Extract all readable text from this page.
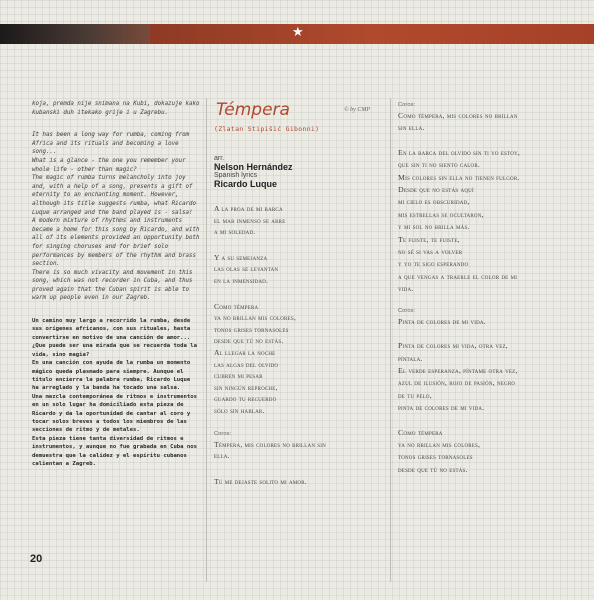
★
kojа, premda nije snimana na Kubi, dokazuje kako kubanski duh itekako grije i u Zagrebu.

It has been a long way for rumba, coming from Africa and its rituals and becoming a love song...

What is a glance - the one you remember your whole life - other than magic?

The magic of rumba turns melancholy into joy and, with a help of a song, presents a gift of eternity to an enchanting moment. However, although its title suggests rumba, what Ricardo Luque arranged and the band played is - salsa!

A modern mixture of rhythms and instruments became a home for this song by Ricardo, and with all of its elements provided an opportunity both for singing choruses and for brief solo performances by members of the rhythm and brass section.

There is so much vivacity and movement in this song, which was not recorder in Cuba, and thus proved again that the Cuban spirit is able to warm up people even in our Zagreb.

Un camino muy largo a recorrido la rumba, desde sus orígenes africanos, con sus rituales, hasta convertirse en motivo de una canción de amor...

¿Que puede ser una mirada que se recuerda toda la vida, sino magia?

En una canción con ayuda de la rumba un momento mágico queda plasmado para siempre. Aunque el título encierra la palabra rumba, Ricardo Luque ha arreglado y la banda ha tocado una salsa.

Una mezcla contemporánea de ritmos e instrumentos en un solo lugar ha domiciliado esta pieza de Ricardo y da la oportunidad de cantar al coro y tocar solos breves a todos los miembros de las secciones de ritmo y de metales.

Esta pieza tiene tanta diversidad de ritmos e instrumentos, y aunque no fue grabada en Cuba nos demuestra que la calidez y el espíritu cubanos calientan a Zagreb.

20
Témpera	© by CMP
(Zlatan Stipišić Gibonni)
arr.
Nelson Hernández
Spanish lyrics
Ricardo Luque
A la proa de mi barca
el mar inmenso se abre
a mi soledad.
Y a su semejanza
las olas se levantan
en la inmensidad.
Como témpera
ya no brillan mis colores,
tonos grises tornasoles
desde que tú no estás.
Al llegar la noche
las algas del olvido
cubren mi pesar
sin ningún reproche,
guardo tu recuerdo
sólo sin hablar.
Coros:
Témpera, mis colores no brillan sin
ella.
Tú me dejaste solito mi amor.
Coros:
Como témpera, mis colores no brillan
sin ella.
En la barca del olvido sin ti yo estoy,
que sin ti no siento calor.
Mis colores sin ella no tienen fulgor.
Desde que no estás aquí
mi cielo es obscuridad,
mis estrellas se ocultaron,
y mi sol no brilla más.
Te fuiste, te fuiste,
no sé si vas a volver
y yo te sigo esperando
a que vengas a traerle el color de mi
vida.
Coros:
Pinta de colores de mi vida.
Pinta de colores mi vida, otra vez,
píntala.
El verde esperanza, píntame otra vez,
azul de ilusión, rojo de pasión, negro
de tu pelo,
pinta de colores de mi vida.
Como témpera
ya no brillan mis colores,
tonos grises tornasoles
desde que tú no estás.
